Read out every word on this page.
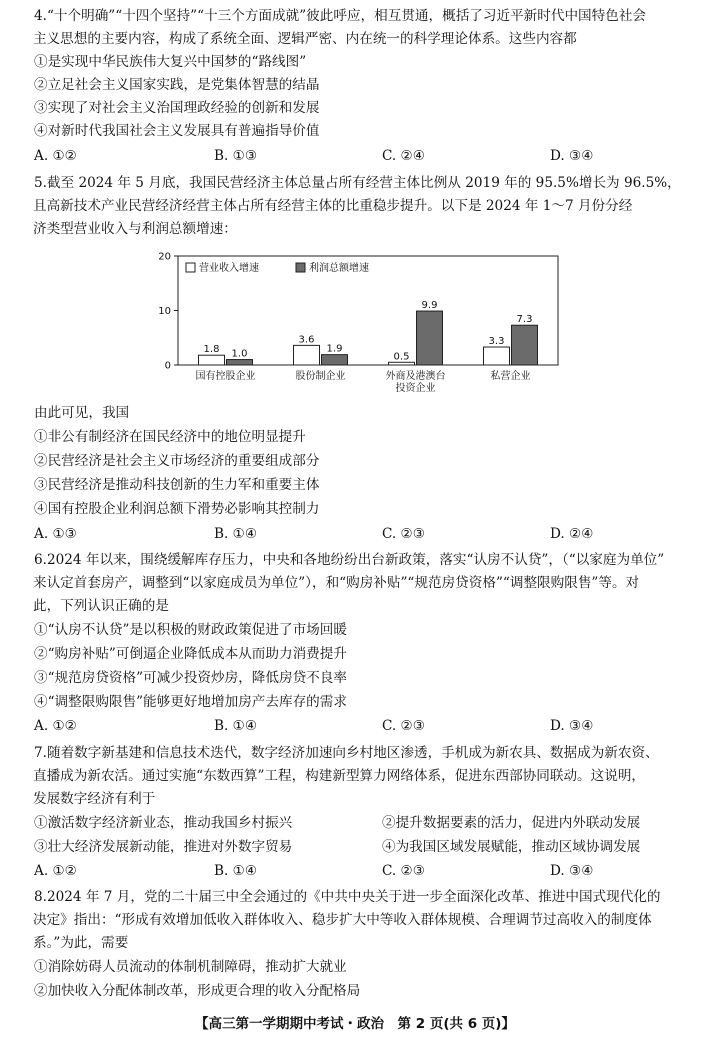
4.“十个明确”“十四个坚持”“十三个方面成就”彼此呼应，相互贯通，概括了习近平新时代中国特色社会
主义思想的主要内容，构成了系统全面、逻辑严密、内在统一的科学理论体系。这些内容都
①是实现中华民族伟大复兴中国梦的“路线图”
②立足社会主义国家实践，是党集体智慧的结晶
③实现了对社会主义治国理政经验的创新和发展
④对新时代我国社会主义发展具有普遍指导价值
A. ①②	B. ①③	C. ②④	D. ③④
5.截至 2024 年 5 月底，我国民营经济主体总量占所有经营主体比例从 2019 年的 95.5%增长为 96.5%，
且高新技术产业民营经济经营主体占所有经营主体的比重稳步提升。以下是 2024 年 1～7 月份分经
济类型营业收入与利润总额增速：
0
10
20
1.8 1.0
国有控股企业
3.6
1.9
股份制企业
0.5
9.9
外商及港澳台
投资企业
3.3
7.3
私营企业
营业收入增速	利润总额增速
由此可见，我国
①非公有制经济在国民经济中的地位明显提升
②民营经济是社会主义市场经济的重要组成部分
③民营经济是推动科技创新的生力军和重要主体
④国有控股企业利润总额下滑势必影响其控制力
A. ①③	B. ①④	C. ②③	D. ②④
6.2024 年以来，围绕缓解库存压力，中央和各地纷纷出台新政策，落实“认房不认贷”，（“以家庭为单位”
来认定首套房产，调整到“以家庭成员为单位”），和“购房补贴”“规范房贷资格”“调整限购限售”等。对
此，下列认识正确的是
①“认房不认贷”是以积极的财政政策促进了市场回暖
②“购房补贴”可倒逼企业降低成本从而助力消费提升
③“规范房贷资格”可减少投资炒房，降低房贷不良率
④“调整限购限售”能够更好地增加房产去库存的需求
A. ①②	B. ①④	C. ②③	D. ③④
7.随着数字新基建和信息技术迭代，数字经济加速向乡村地区渗透，手机成为新农具、数据成为新农资、
直播成为新农活。通过实施“东数西算”工程，构建新型算力网络体系，促进东西部协同联动。这说明，
发展数字经济有利于
①激活数字经济新业态，推动我国乡村振兴	②提升数据要素的活力，促进内外联动发展
③壮大经济发展新动能，推进对外数字贸易	④为我国区域发展赋能，推动区域协调发展
A. ①②	B. ①④	C. ②③	D. ③④
8.2024 年 7 月，党的二十届三中全会通过的《中共中央关于进一步全面深化改革、推进中国式现代化的
决定》指出：“形成有效增加低收入群体收入、稳步扩大中等收入群体规模、合理调节过高收入的制度体
系。”为此，需要
①消除妨碍人员流动的体制机制障碍，推动扩大就业
②加快收入分配体制改革，形成更合理的收入分配格局
【高三第一学期期中考试・政治　第 2 页(共 6 页)】
